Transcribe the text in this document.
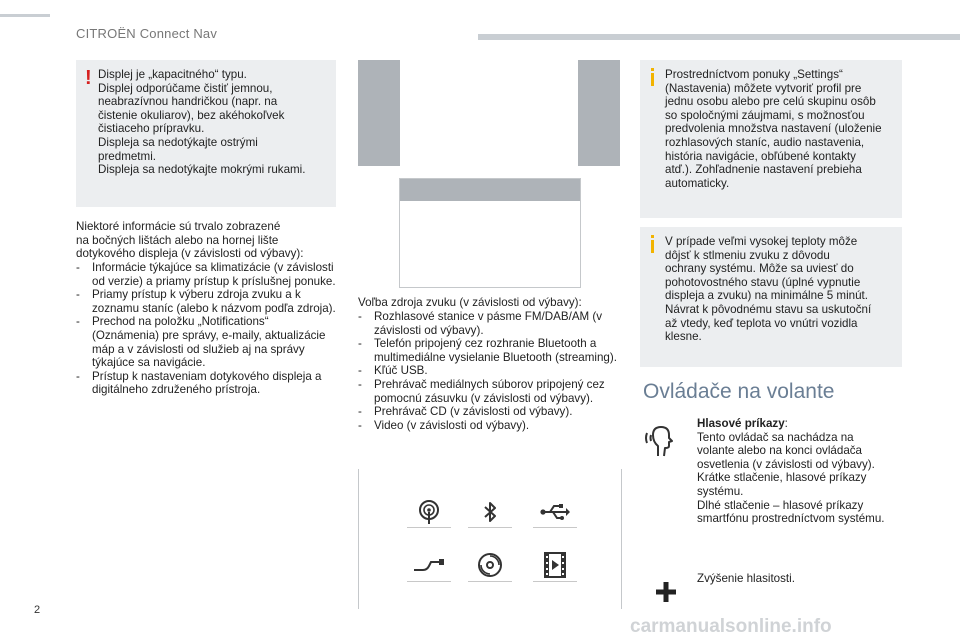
CITROËN Connect Nav
! Displej je „kapacitného“ typu.
Displej odporúčame čistiť jemnou,
neabrazívnou handričkou (napr. na
čistenie okuliarov), bez akéhokoľvek
čistiaceho prípravku.
Displeja sa nedotýkajte ostrými
predmetmi.
Displeja sa nedotýkajte mokrými rukami.

Niektoré informácie sú trvalo zobrazené
na bočných lištách alebo na hornej lište
dotykového displeja (v závislosti od výbavy):

- Informácie týkajúce sa klimatizácie (v závislosti od verzie) a priamy prístup k príslušnej ponuke.
- Priamy prístup k výberu zdroja zvuku a k zoznamu staníc (alebo k názvom podľa zdroja).
- Prechod na položku „Notifications“ (Oznámenia) pre správy, e-maily, aktualizácie máp a v závislosti od služieb aj na správy týkajúce sa navigácie.
- Prístup k nastaveniam dotykového displeja a digitálneho združeného prístroja.

Voľba zdroja zvuku (v závislosti od výbavy):

- Rozhlasové stanice v pásme FM/DAB/AM (v závislosti od výbavy).
- Telefón pripojený cez rozhranie Bluetooth a multimediálne vysielanie Bluetooth (streaming).
- Kľúč USB.
- Prehrávač mediálnych súborov pripojený cez pomocnú zásuvku (v závislosti od výbavy).
- Prehrávač CD (v závislosti od výbavy).
- Video (v závislosti od výbavy).

Prostredníctvom ponuky „Settings“
(Nastavenia) môžete vytvoriť profil pre
jednu osobu alebo pre celú skupinu osôb
so spoločnými záujmami, s možnosťou
predvolenia množstva nastavení (uloženie
rozhlasových staníc, audio nastavenia,
história navigácie, obľúbené kontakty
atď.). Zohľadnenie nastavení prebieha
automaticky.

V prípade veľmi vysokej teploty môže
dôjsť k stlmeniu zvuku z dôvodu
ochrany systému. Môže sa uviesť do
pohotovostného stavu (úplné vypnutie
displeja a zvuku) na minimálne 5 minút.
Návrat k pôvodnému stavu sa uskutoční
až vtedy, keď teplota vo vnútri vozidla
klesne.

Ovládače na volante

Hlasové príkazy:
Tento ovládač sa nachádza na
volante alebo na konci ovládača
osvetlenia (v závislosti od výbavy).
Krátke stlačenie, hlasové príkazy
systému.
Dlhé stlačenie – hlasové príkazy
smartfónu prostredníctvom systému.

Zvýšenie hlasitosti.

2
carmanualsonline.info
